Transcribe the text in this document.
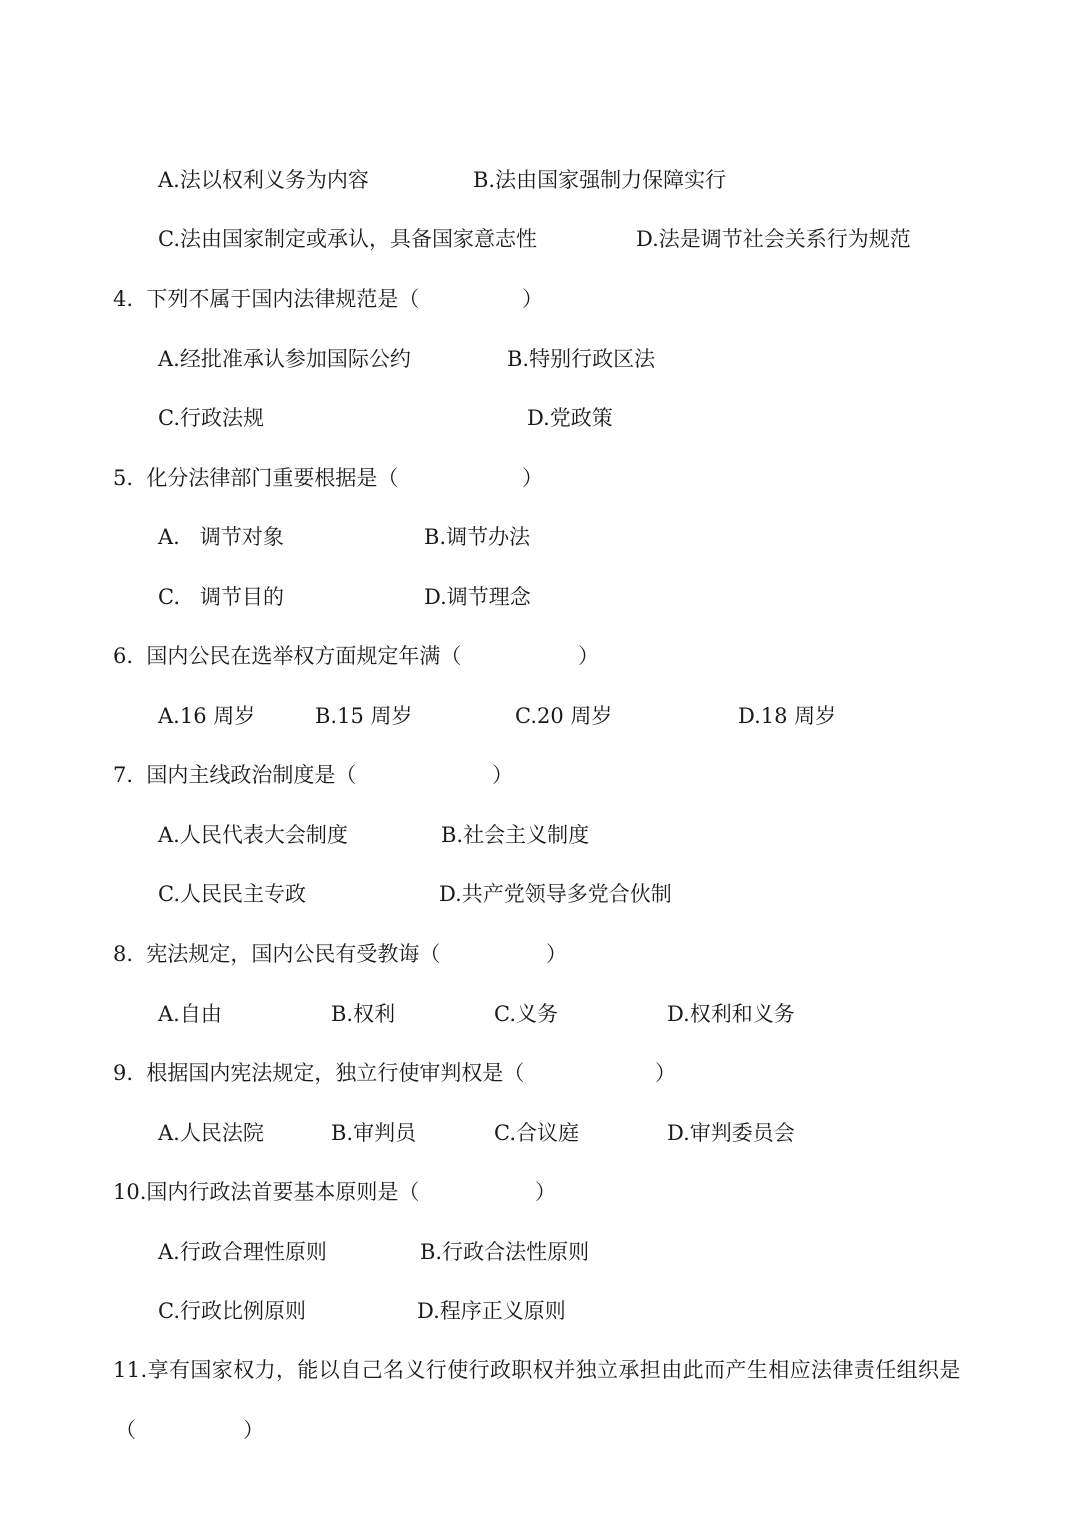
A.法以权利义务为内容	B.法由国家强制力保障实行
C.法由国家制定或承认，具备国家意志性	D.法是调节社会关系行为规范
4.  下列不属于国内法律规范是（	）
A.经批准承认参加国际公约	B.特别行政区法
C.行政法规	D.党政策
5.  化分法律部门重要根据是（	）
A.   调节对象	B.调节办法
C.   调节目的	D.调节理念
6.  国内公民在选举权方面规定年满（	）
A.16 周岁	B.15 周岁	C.20 周岁	D.18 周岁
7.  国内主线政治制度是（	）
A.人民代表大会制度	B.社会主义制度
C.人民民主专政	D.共产党领导多党合伙制
8.  宪法规定，国内公民有受教诲（	）
A.自由	B.权利	C.义务	D.权利和义务
9.  根据国内宪法规定，独立行使审判权是（	）
A.人民法院	B.审判员	C.合议庭	D.审判委员会
10.国内行政法首要基本原则是（	）
A.行政合理性原则	B.行政合法性原则
C.行政比例原则	D.程序正义原则
11.享有国家权力，能以自己名义行使行政职权并独立承担由此而产生相应法律责任组织是
（	）
